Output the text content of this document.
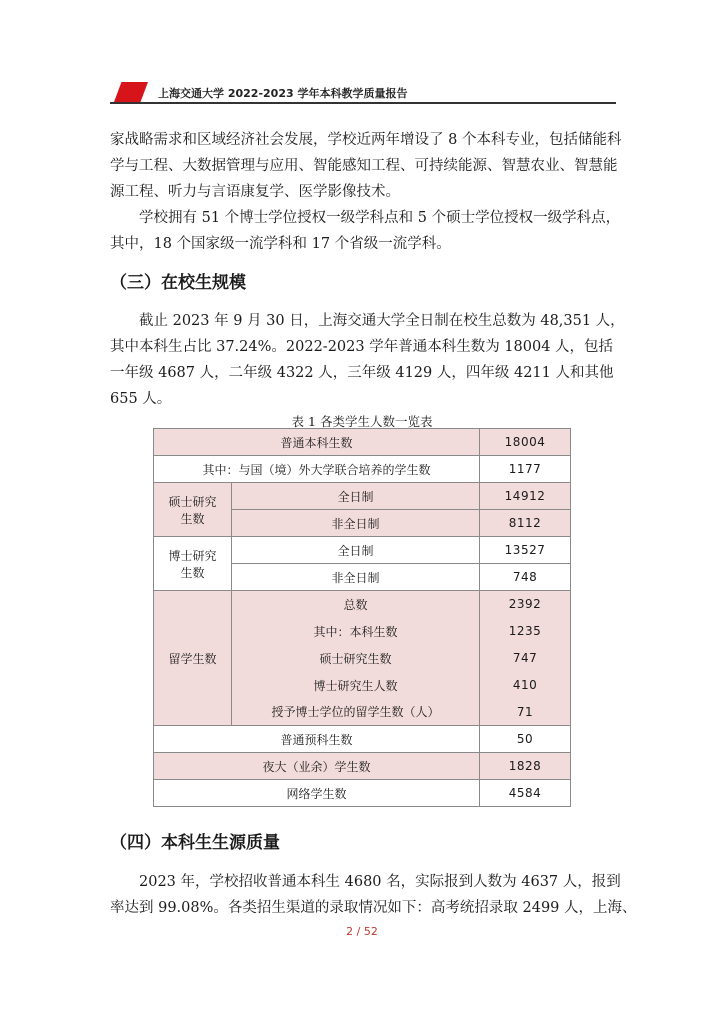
上海交通大学 2022-2023 学年本科教学质量报告
家战略需求和区域经济社会发展，学校近两年增设了 8 个本科专业，包括储能科
学与工程、大数据管理与应用、智能感知工程、可持续能源、智慧农业、智慧能
源工程、听力与言语康复学、医学影像技术。
学校拥有 51 个博士学位授权一级学科点和 5 个硕士学位授权一级学科点，
其中，18 个国家级一流学科和 17 个省级一流学科。
（三）在校生规模
截止 2023 年 9 月 30 日，上海交通大学全日制在校生总数为 48,351 人，
其中本科生占比 37.24%。2022-2023 学年普通本科生数为 18004 人，包括
一年级 4687 人，二年级 4322 人，三年级 4129 人，四年级 4211 人和其他
655 人。
表 1 各类学生人数一览表
普通本科生数		18004
其中：与国（境）外大学联合培养的学生数		1177

硕士研究
生数	全日制	14912
	非全日制	8112

博士研究
生数	全日制	13527
	非全日制	748
留学生数	总数	2392
	其中：本科生数	1235
	硕士研究生数	747
	博士研究生人数	410
	授予博士学位的留学生数（人）	71
普通预科生数		50
夜大（业余）学生数		1828
网络学生数		4584
（四）本科生生源质量
2023 年，学校招收普通本科生 4680 名，实际报到人数为 4637 人，报到
率达到 99.08%。各类招生渠道的录取情况如下：高考统招录取 2499 人，上海、
2 / 52
